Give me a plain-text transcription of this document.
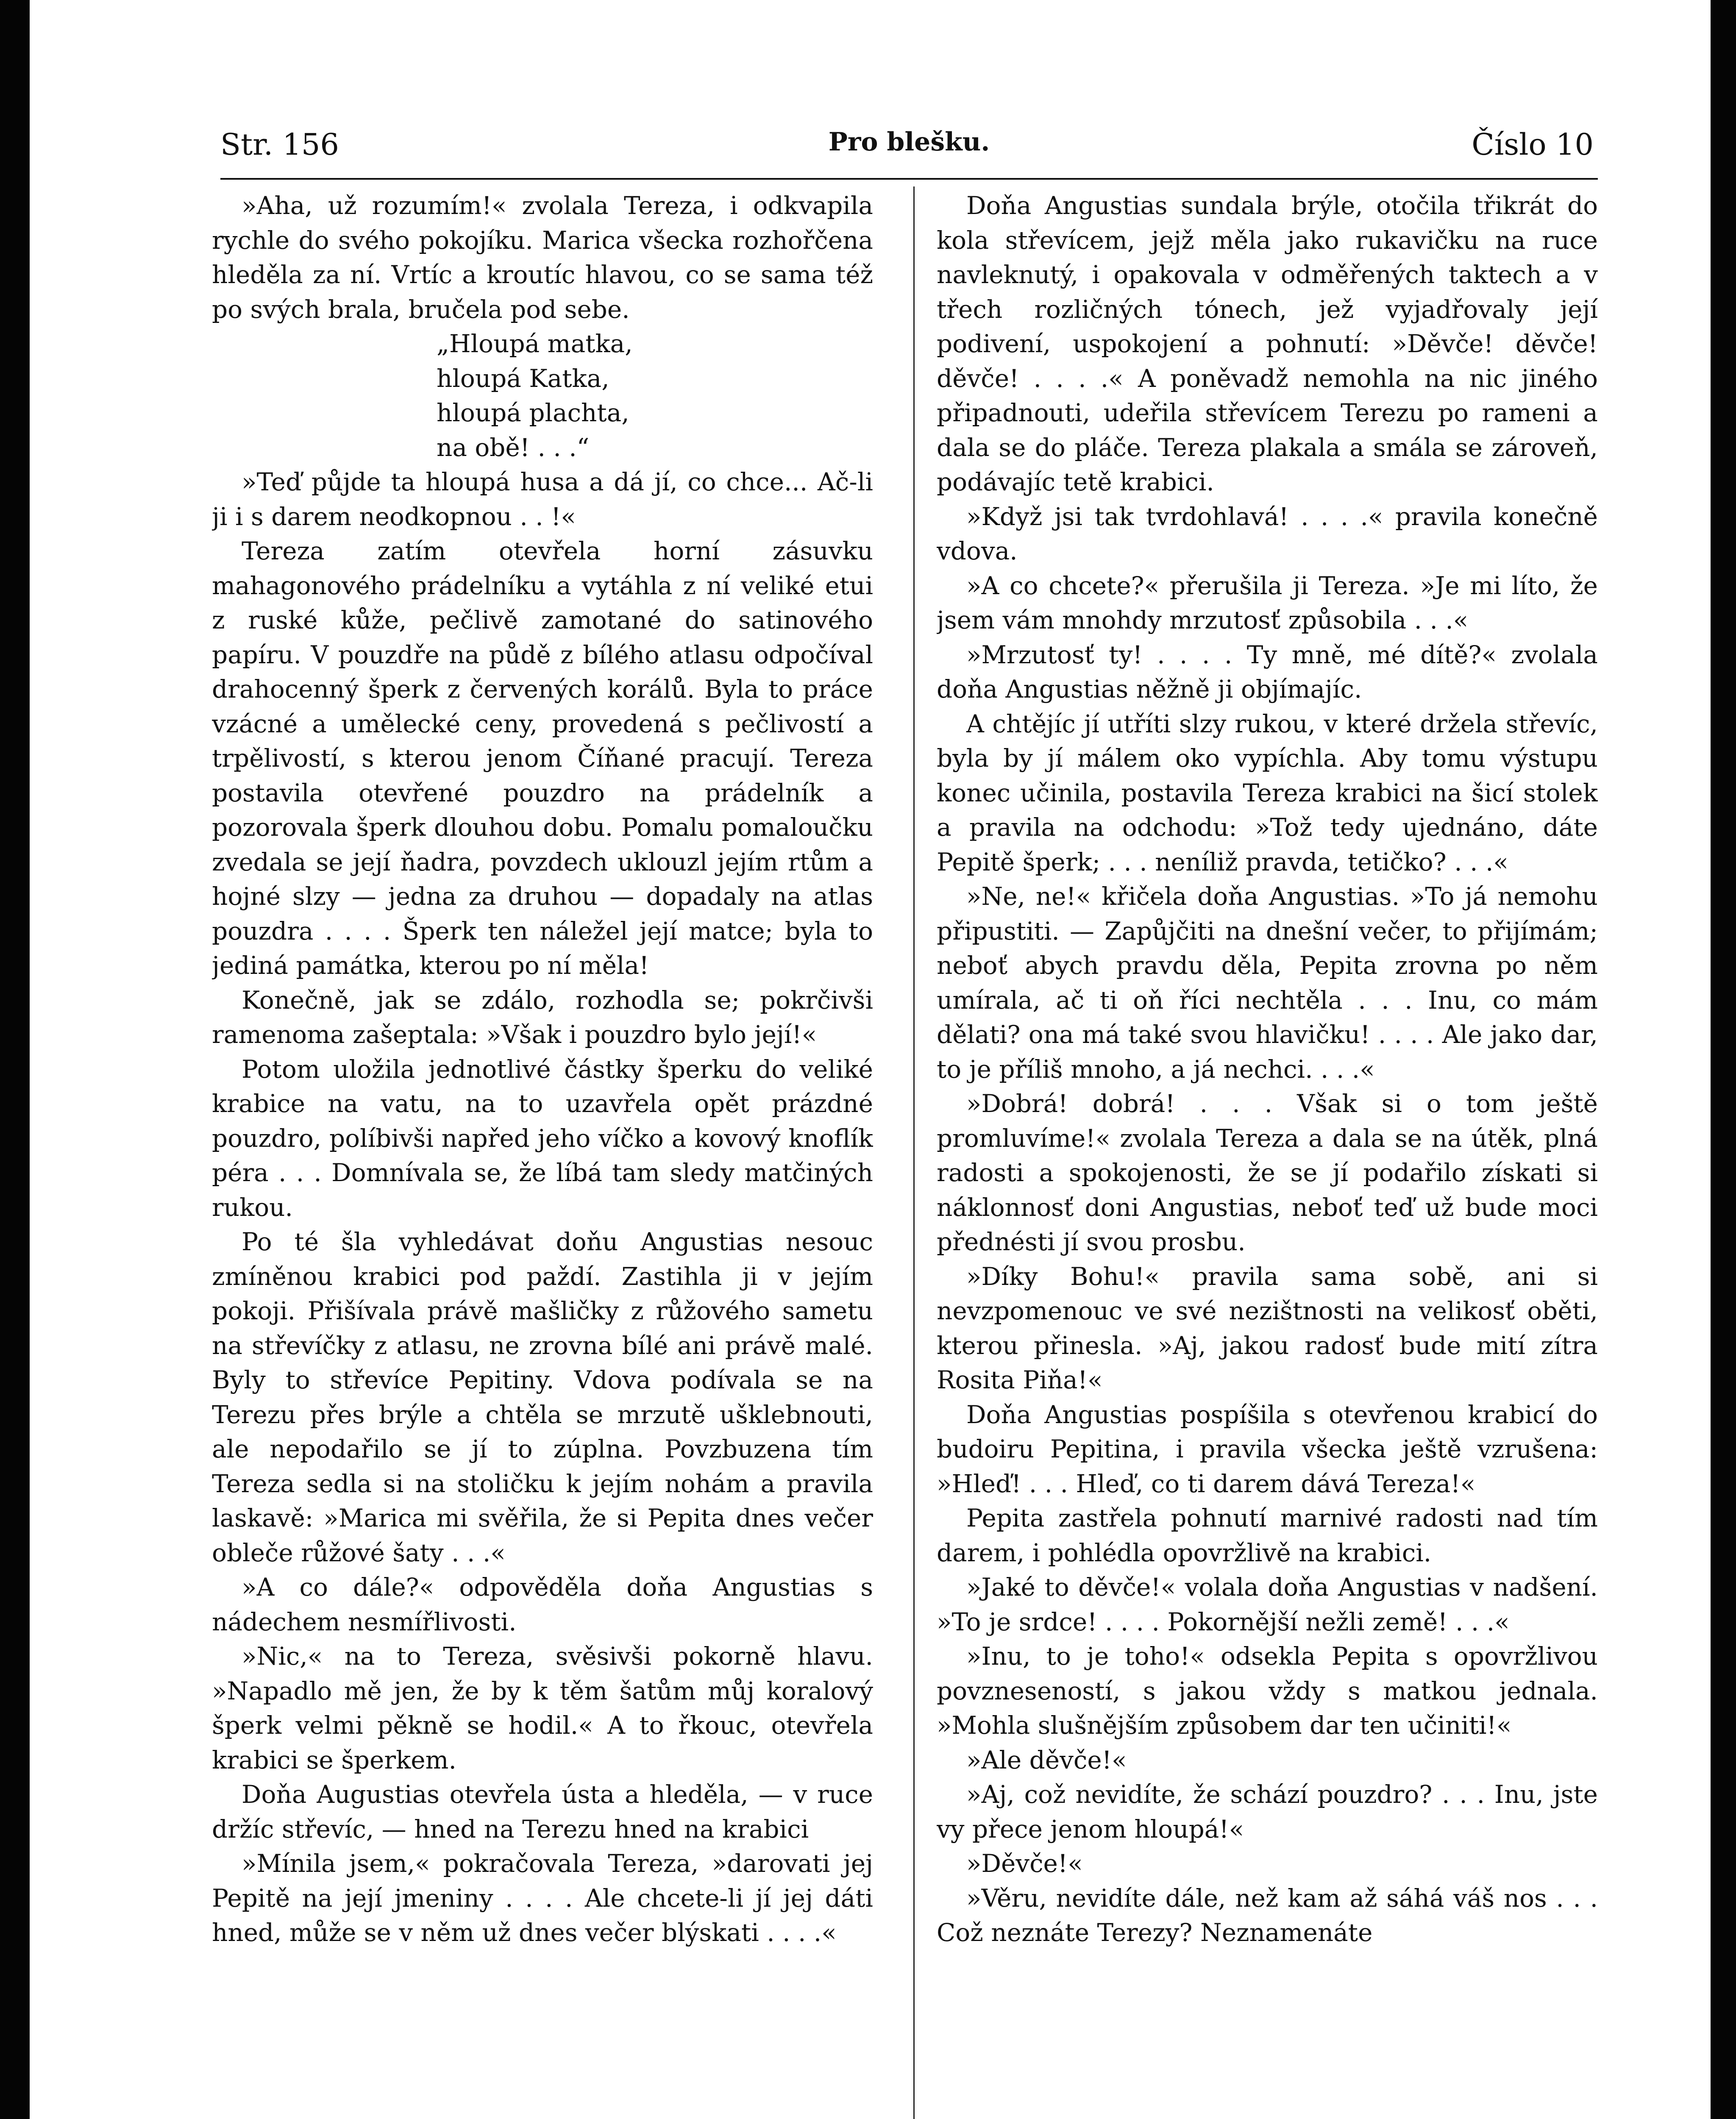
Str. 156	Pro blešku.	Číslo 10

»Aha, už rozumím!« zvolala Tereza, i odkvapila rychle do svého pokojíku. Marica všecka rozhořčena hleděla za ní. Vrtíc a kroutíc hlavou, co se sama též po svých brala, bručela pod sebe.

„Hloupá matka,
hloupá Katka,
hloupá plachta,
na obě! . . .“

»Teď půjde ta hloupá husa a dá jí, co chce... Ač-li ji i s darem neodkopnou . . !«

Tereza zatím otevřela horní zásuvku mahagonového prádelníku a vytáhla z ní veliké etui z ruské kůže, pečlivě zamotané do satinového papíru. V pouzdře na půdě z bílého atlasu odpočíval drahocenný šperk z červených korálů. Byla to práce vzácné a umělecké ceny, provedená s pečlivostí a trpělivostí, s kterou jenom Číňané pracují. Tereza postavila otevřené pouzdro na prádelník a pozorovala šperk dlouhou dobu. Pomalu pomaloučku zvedala se její ňadra, povzdech uklouzl jejím rtům a hojné slzy — jedna za druhou — dopadaly na atlas pouzdra . . . . Šperk ten náležel její matce; byla to jediná památka, kterou po ní měla!

Konečně, jak se zdálo, rozhodla se; pokrčivši ramenoma zašeptala: »Však i pouzdro bylo její!«

Potom uložila jednotlivé částky šperku do veliké krabice na vatu, na to uzavřela opět prázdné pouzdro, políbivši napřed jeho víčko a kovový knoflík péra . . . Domnívala se, že líbá tam sledy matčiných rukou.

Po té šla vyhledávat doňu Angustias nesouc zmíněnou krabici pod paždí. Zastihla ji v jejím pokoji. Přišívala právě mašličky z růžového sametu na střevíčky z atlasu, ne zrovna bílé ani právě malé. Byly to střevíce Pepitiny. Vdova podívala se na Terezu přes brýle a chtěla se mrzutě ušklebnouti, ale nepodařilo se jí to zúplna. Povzbuzena tím Tereza sedla si na stoličku k jejím nohám a pravila laskavě: »Marica mi svěřila, že si Pepita dnes večer obleče růžové šaty . . .«

»A co dále?« odpověděla doňa Angustias s nádechem nesmířlivosti.

»Nic,« na to Tereza, svěsivši pokorně hlavu. »Napadlo mě jen, že by k těm šatům můj koralový šperk velmi pěkně se hodil.« A to řkouc, otevřela krabici se šperkem.

Doňa Augustias otevřela ústa a hleděla, — v ruce držíc střevíc, — hned na Terezu hned na krabici

»Mínila jsem,« pokračovala Tereza, »darovati jej Pepitě na její jmeniny . . . . Ale chcete-li jí jej dáti hned, může se v něm už dnes večer blýskati . . . .«

Doňa Angustias sundala brýle, otočila třikrát do kola střevícem, jejž měla jako rukavičku na ruce navleknutý, i opakovala v odměřených taktech a v třech rozličných tónech, jež vyjadřovaly její podivení, uspokojení a pohnutí: »Děvče! děvče! děvče! . . . .« A poněvadž nemohla na nic jiného připadnouti, udeřila střevícem Terezu po rameni a dala se do pláče. Tereza plakala a smála se zároveň, podávajíc tetě krabici.

»Když jsi tak tvrdohlavá! . . . .« pravila konečně vdova.

»A co chcete?« přerušila ji Tereza. »Je mi líto, že jsem vám mnohdy mrzutosť způsobila . . .«

»Mrzutosť ty! . . . . Ty mně, mé dítě?« zvolala doňa Angustias něžně ji objímajíc.

A chtějíc jí utříti slzy rukou, v které držela střevíc, byla by jí málem oko vypíchla. Aby tomu výstupu konec učinila, postavila Tereza krabici na šicí stolek a pravila na odchodu: »Tož tedy ujednáno, dáte Pepitě šperk; . . . neníliž pravda, tetičko? . . .«

»Ne, ne!« křičela doňa Angustias. »To já nemohu připustiti. — Zapůjčiti na dnešní večer, to přijímám; neboť abych pravdu děla, Pepita zrovna po něm umírala, ač ti oň říci nechtěla . . . Inu, co mám dělati? ona má také svou hlavičku! . . . . Ale jako dar, to je příliš mnoho, a já nechci. . . .«

»Dobrá! dobrá! . . . Však si o tom ještě promluvíme!« zvolala Tereza a dala se na útěk, plná radosti a spokojenosti, že se jí podařilo získati si náklonnosť doni Angustias, neboť teď už bude moci přednésti jí svou prosbu.

»Díky Bohu!« pravila sama sobě, ani si nevzpomenouc ve své nezištnosti na velikosť oběti, kterou přinesla. »Aj, jakou radosť bude mití zítra Rosita Piňa!«

Doňa Angustias pospíšila s otevřenou krabicí do budoiru Pepitina, i pravila všecka ještě vzrušena: »Hleď! . . . Hleď, co ti darem dává Tereza!«

Pepita zastřela pohnutí marnivé radosti nad tím darem, i pohlédla opovržlivě na krabici.

»Jaké to děvče!« volala doňa Angustias v nadšení. »To je srdce! . . . . Pokornější nežli země! . . .«

»Inu, to je toho!« odsekla Pepita s opovržlivou povzneseností, s jakou vždy s matkou jednala. »Mohla slušnějším způsobem dar ten učiniti!«

»Ale děvče!«

»Aj, což nevidíte, že schází pouzdro? . . . Inu, jste vy přece jenom hloupá!«

»Děvče!«

»Věru, nevidíte dále, než kam až sáhá váš nos . . . Což neznáte Terezy? Neznamenáte
